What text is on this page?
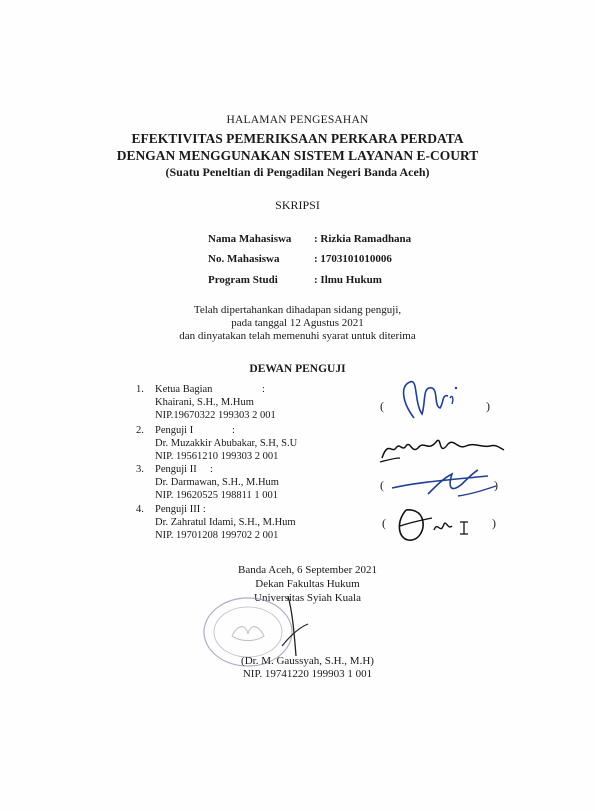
HALAMAN PENGESAHAN
EFEKTIVITAS PEMERIKSAAN PERKARA PERDATA
DENGAN MENGGUNAKAN SISTEM LAYANAN E-COURT
(Suatu Peneltian di Pengadilan Negeri Banda Aceh)
SKRIPSI
Nama Mahasiswa : Rizkia Ramadhana
No. Mahasiswa	: 1703101010006
Program Studi	: Ilmu Hukum
Telah dipertahankan dihadapan sidang penguji,
pada tanggal 12 Agustus 2021
dan dinyatakan telah memenuhi syarat untuk diterima
DEWAN PENGUJI
1. Ketua Bagian	:
Khairani, S.H., M.Hum
NIP.19670322 199303 2 001
2. Penguji I	:
Dr. Muzakkir Abubakar, S.H, S.U
NIP. 19561210 199303 2 001
3. Penguji II :
Dr. Darmawan, S.H., M.Hum
NIP. 19620525 198811 1 001
4. Penguji III :
Dr. Zahratul Idami, S.H., M.Hum
NIP. 19701208 199702 2 001
(	)
(	)
(	)
Banda Aceh, 6 September 2021
Dekan Fakultas Hukum
Universitas Syiah Kuala
(Dr. M. Gaussyah, S.H., M.H)
NIP. 19741220 199903 1 001
